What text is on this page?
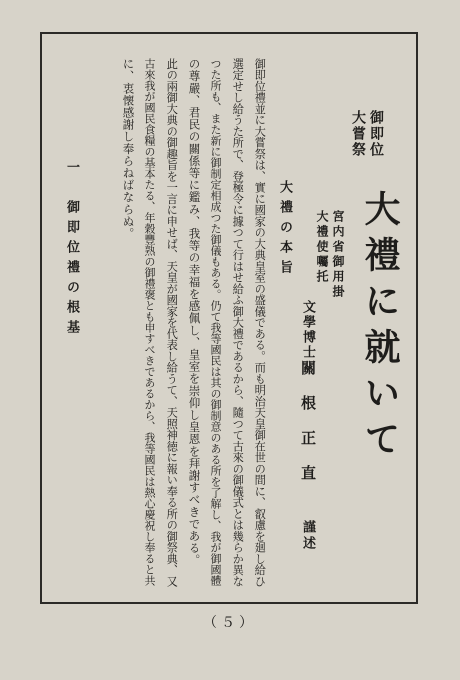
御即位
大嘗祭
大禮に就いて
宮内省御用掛
大禮使囑托
文學博士
關根正直
謹述
大禮の本旨
御即位禮並に大嘗祭は、實に國家の大典皇室の盛儀である。而も明治天皇御在世の間に、叡慮を廻し給ひ
選定せし給うた所で、登極令に據つて行はせ給ふ御大禮であるから、隨つて古來の御儀式とは幾らか異な
つた所も、また新に御制定相成つた御儀もある。仍て我等國民は其の御制意のある所を了解し、我が御國體
の尊嚴、君民の關係等に鑑み、我等の幸福を感佩し、皇室を崇仰し皇恩を拜謝すべきである。
此の兩御大典の御趣旨を一言に申せば、天皇が國家を代表し給うて、天照神徳に報い奉る所の御祭典、又
古來我が國民食糧の基本たる、年穀豐熟の御禮褒とも申すべきであるから、我等國民は熱心慶祝し奉ると共
に、衷懐感謝し奉らねばならぬ。
一　御即位禮の根基
（５）
